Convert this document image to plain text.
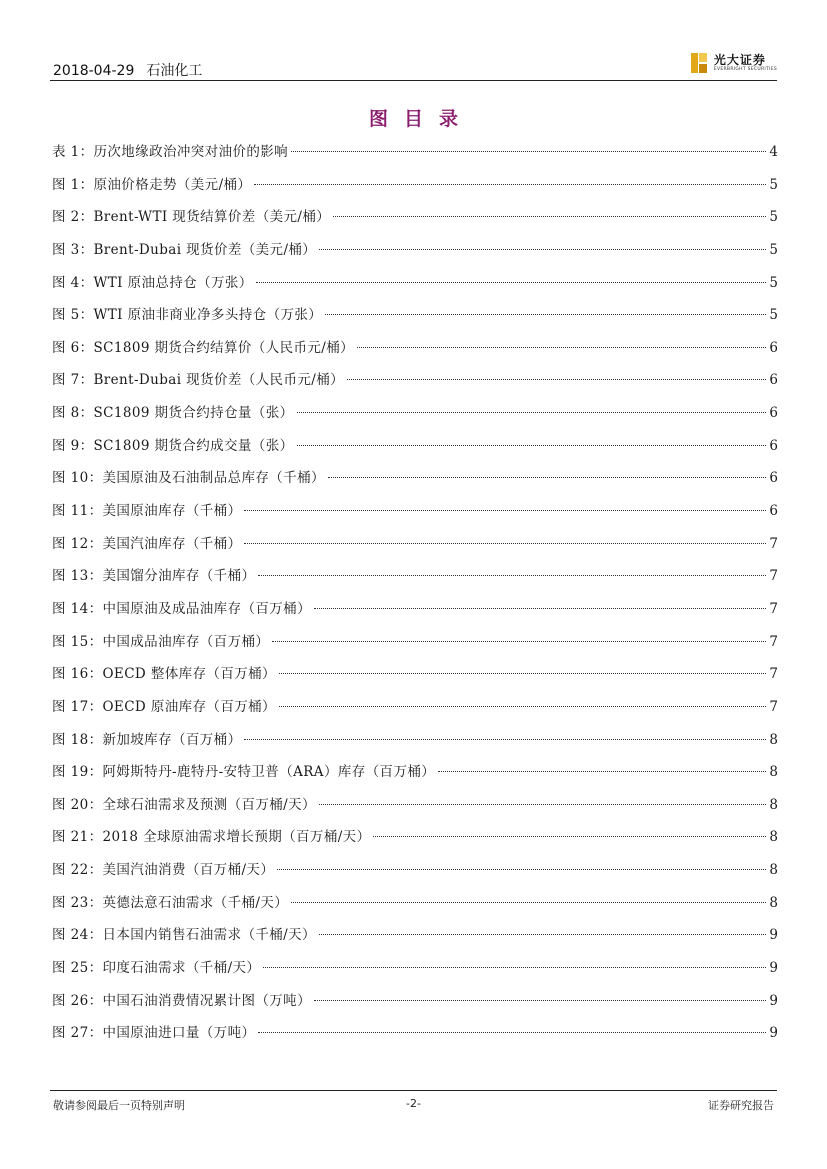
2018-04-29 石油化工
光大证券
EVERBRIGHT SECURITIES
图目录
表 1：历次地缘政治冲突对油价的影响	4
图 1：原油价格走势（美元/桶）	5
图 2：Brent-WTI 现货结算价差（美元/桶）	5
图 3：Brent-Dubai 现货价差（美元/桶）	5
图 4：WTI 原油总持仓（万张）	5
图 5：WTI 原油非商业净多头持仓（万张）	5
图 6：SC1809 期货合约结算价（人民币元/桶）	6
图 7：Brent-Dubai 现货价差（人民币元/桶）	6
图 8：SC1809 期货合约持仓量（张）	6
图 9：SC1809 期货合约成交量（张）	6
图 10：美国原油及石油制品总库存（千桶）	6
图 11：美国原油库存（千桶）	6
图 12：美国汽油库存（千桶）	7
图 13：美国馏分油库存（千桶）	7
图 14：中国原油及成品油库存（百万桶）	7
图 15：中国成品油库存（百万桶）	7
图 16：OECD 整体库存（百万桶）	7
图 17：OECD 原油库存（百万桶）	7
图 18：新加坡库存（百万桶）	8
图 19：阿姆斯特丹-鹿特丹-安特卫普（ARA）库存（百万桶）	8
图 20：全球石油需求及预测（百万桶/天）	8
图 21：2018 全球原油需求增长预期（百万桶/天）	8
图 22：美国汽油消费（百万桶/天）	8
图 23：英德法意石油需求（千桶/天）	8
图 24：日本国内销售石油需求（千桶/天）	9
图 25：印度石油需求（千桶/天）	9
图 26：中国石油消费情况累计图（万吨）	9
图 27：中国原油进口量（万吨）	9
敬请参阅最后一页特别声明	-2-	证券研究报告
